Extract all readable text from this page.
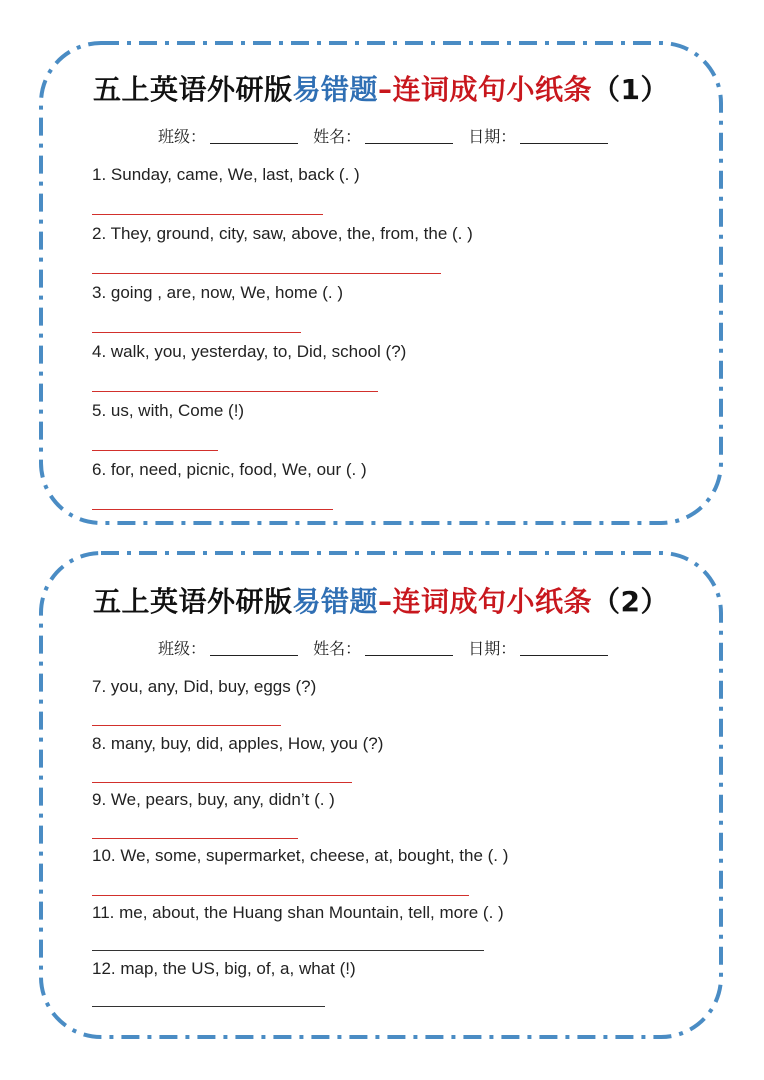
五上英语外研版易错题–连词成句小纸条（1）
班级：	姓名：	日期：
1. Sunday, came, We, last, back (. )
2. They, ground, city, saw, above, the, from, the (. )
3. going , are, now, We, home (. )
4. walk, you, yesterday, to, Did, school (?)
5. us, with, Come (!)
6. for, need, picnic, food, We, our (. )
五上英语外研版易错题–连词成句小纸条（2）
班级：	姓名：	日期：
7. you, any, Did, buy, eggs (?)
8. many, buy, did, apples, How, you (?)
9. We, pears, buy, any, didn’t (. )
10. We, some, supermarket, cheese, at, bought, the (. )
11. me, about, the Huang shan Mountain, tell, more (. )
12. map, the US, big, of, a, what (!)
